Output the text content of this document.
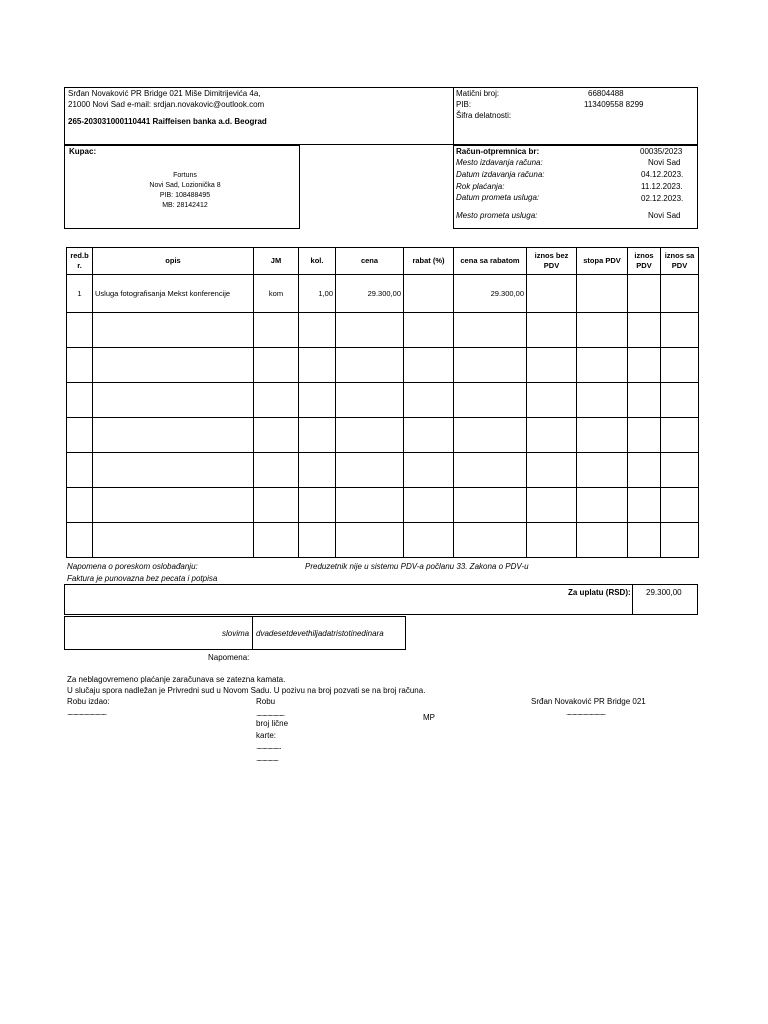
Srđan Novaković PR Bridge 021 Miše Dimitrijevića 4a,
21000 Novi Sad e-mail: srdjan.novakovic@outlook.com
265-2030310001104​41 Raiffeisen banka a.d. Beograd
Matični broj:	66804488
PIB:	113409558 8299
Šifra delatnosti:
Kupac:
Fortuns
Novi Sad, Lozionička 8
PIB: 108488495
MB: 28142412
Račun-otpremnica br:	00035/2023
Mesto izdavanja računa:	Novi Sad
Datum izdavanja računa:	04.12.2023.
Rok plaćanja:	11.12.2023.
Datum prometa usluga:	02.12.2023.
Mesto prometa usluga:	Novi Sad
red.b r.	opis	JM	kol.	cena	rabat (%)	cena sa rabatom	iznos bez PDV	stopa PDV	iznos PDV	iznos sa PDV
1	Usluga fotografisanja Mekst konferencije	kom	1,00	29.300,00		29.300,00				

Napomena o poreskom oslobađanju:	Preduzetnik nije u sistemu PDV-a počlanu 33. Zakona o PDV-u
Faktura je punovazna bez pecata i potpisa
Za uplatu (RSD): 29.300,00
slovima dvadesetdevethiljadatristotinedinara
Napomena:
Za neblagovremeno plaćanje zaračunava se zatezna kamata.
U slučaju spora nadležan je Privredni sud u Novom Sadu. U pozivu na broj pozvati se na broj računa.
Robu izdao:
................................
Robu
.......................
broj lične
karte:
....................
..................
MP
Srđan Novaković PR Bridge 021
................................
